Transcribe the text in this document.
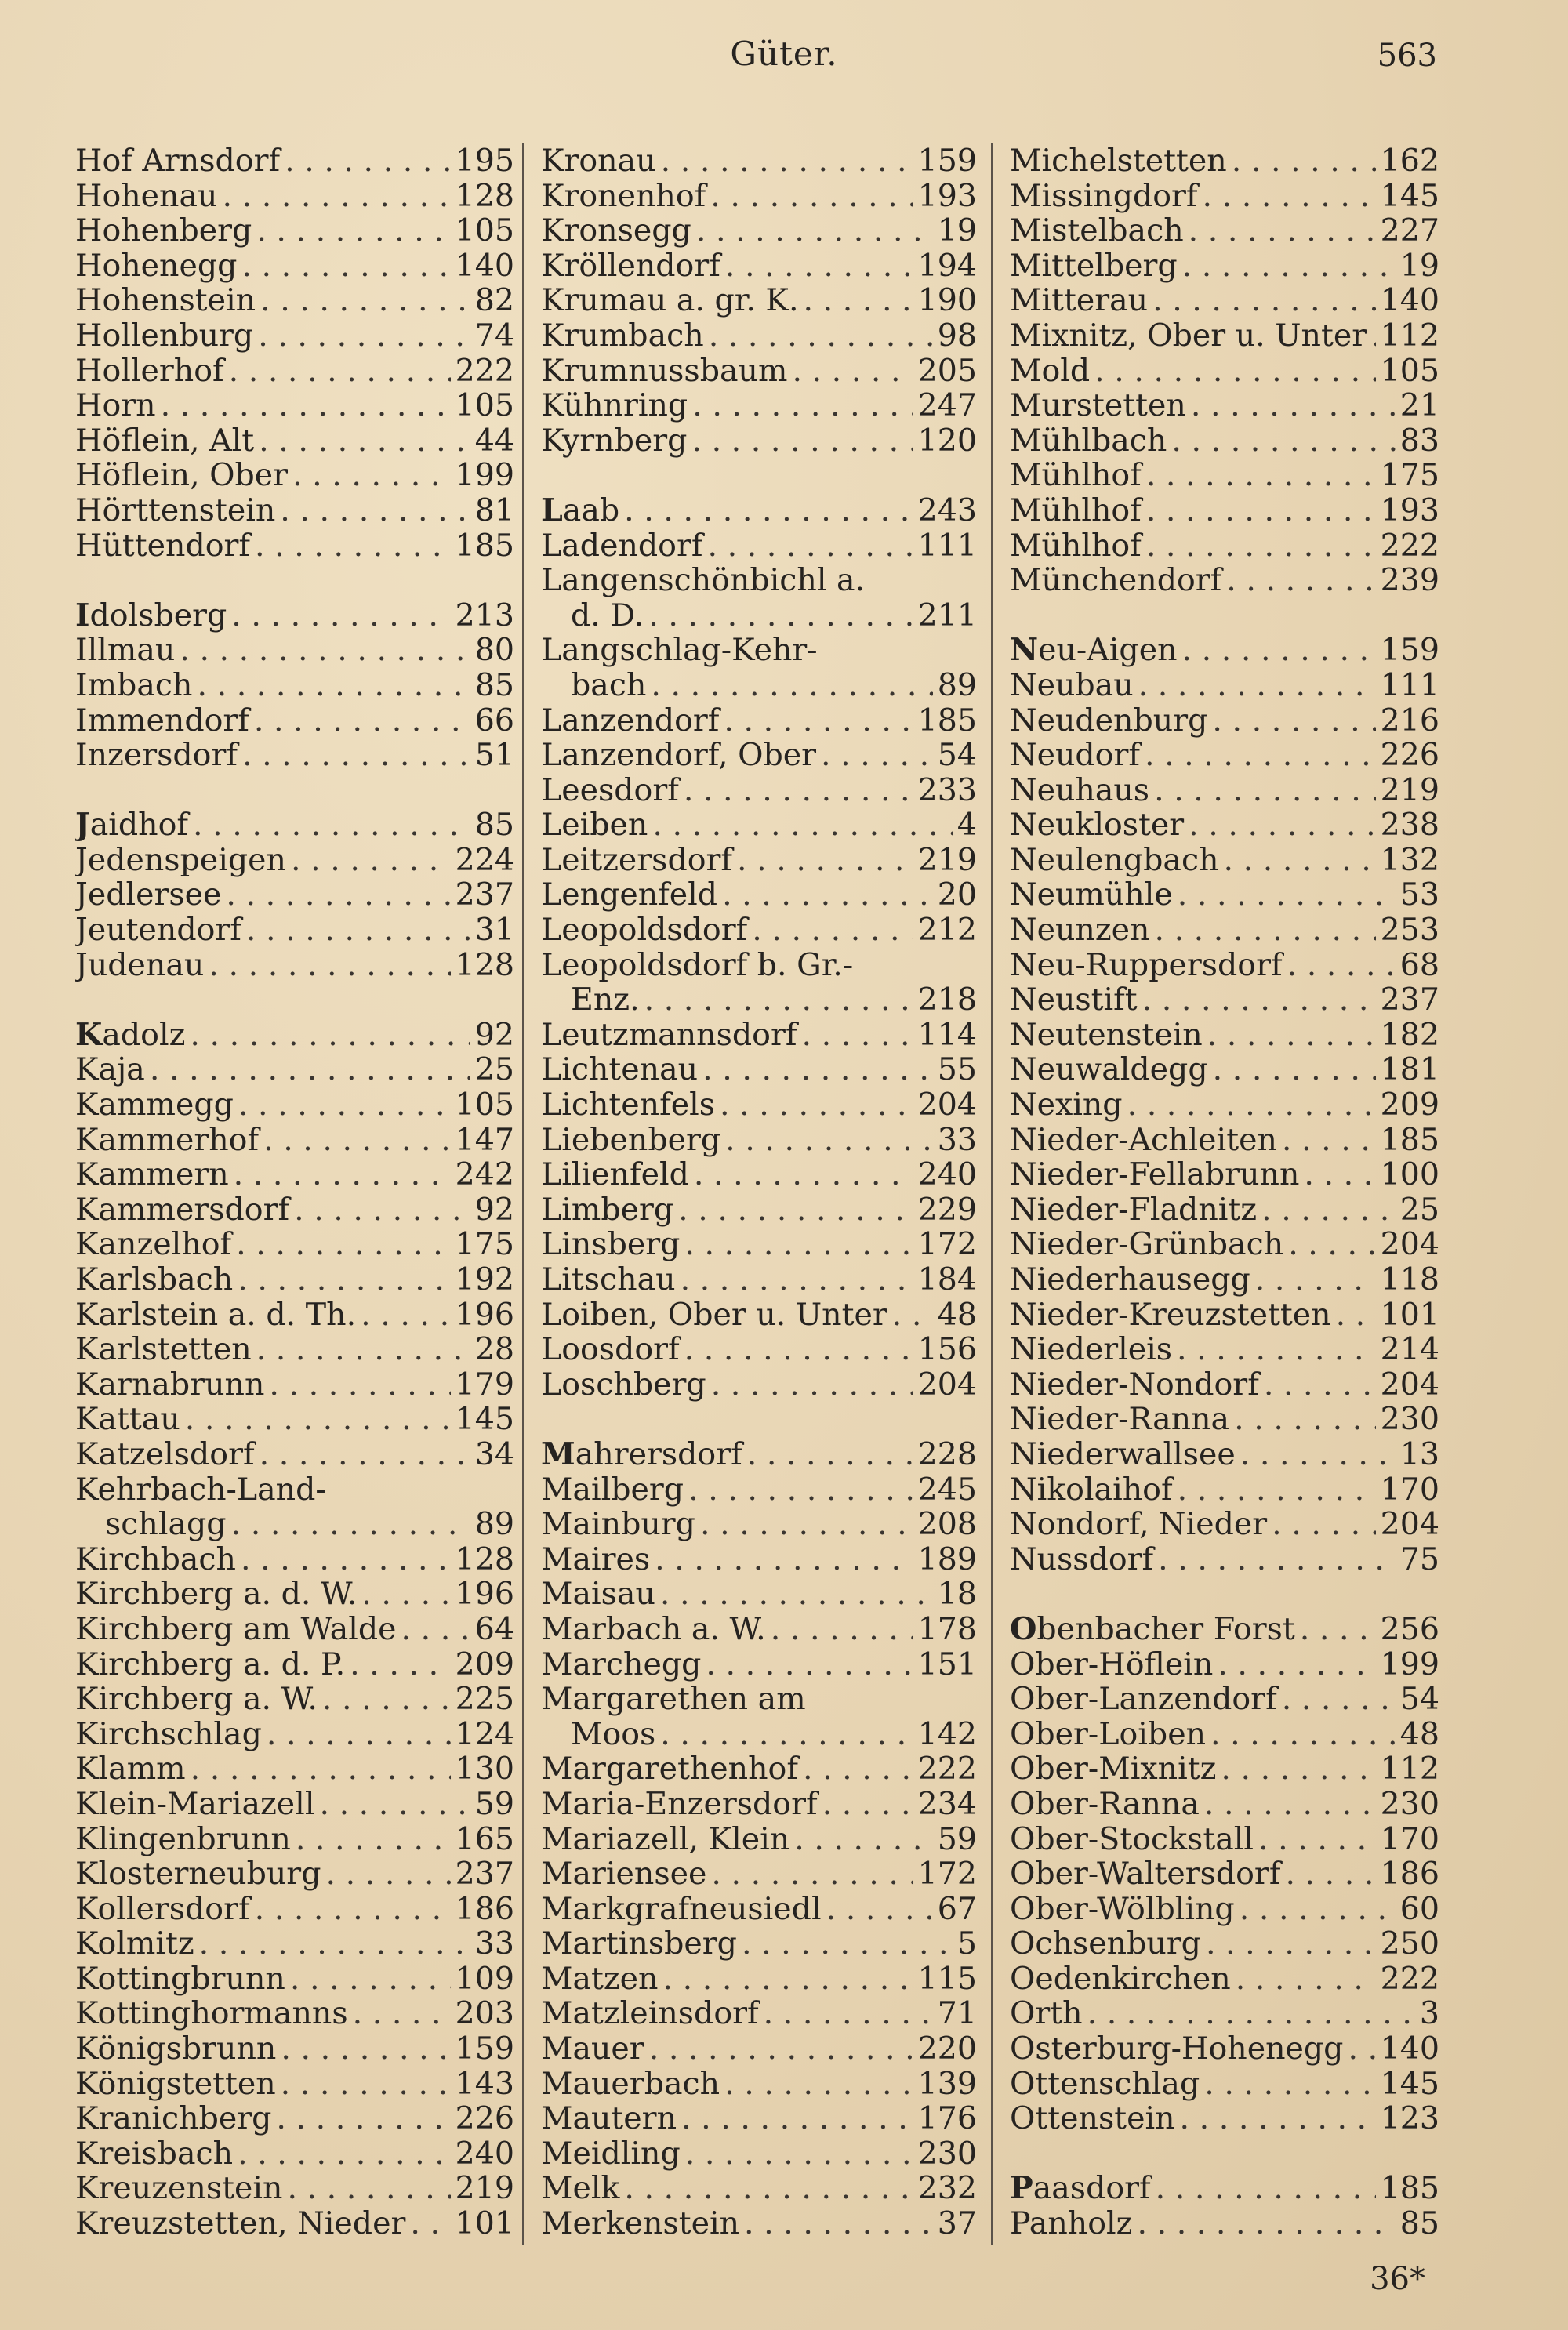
Güter.	563
Hof Arnsdorf . . .	195
Hohenau . . .	128
Hohenberg . . .	105
Hohenegg . . .	140
Hohenstein . . .	82
Hollenburg . . .	74
Hollerhof . . .	222
Horn . . .	105
Höflein, Alt . . .	44
Höflein, Ober . . .	199
Hörttenstein . . .	81
Hüttendorf . . .	185
Idolsberg . . .	213
Illmau . . .	80
Imbach . . .	85
Immendorf . . .	66
Inzersdorf . . .	51
Jaidhof . . .	85
Jedenspeigen . . .	224
Jedlersee . . .	237
Jeutendorf . . .	31
Judenau . . .	128
Kadolz . . .	92
Kaja . . .	25
Kammegg . . .	105
Kammerhof . . .	147
Kammern . . .	242
Kammersdorf . . .	92
Kanzelhof . . .	175
Karlsbach . . .	192
Karlstein a. d. Th. . . .	196
Karlstetten . . .	28
Karnabrunn . . .	179
Kattau . . .	145
Katzelsdorf . . .	34
Kehrbach-Land-
schlagg . . .	89
Kirchbach . . .	128
Kirchberg a. d. W. . . .	196
Kirchberg am Walde . . .	64
Kirchberg a. d. P. . . .	209
Kirchberg a. W. . . .	225
Kirchschlag . . .	124
Klamm . . .	130
Klein-Mariazell . . .	59
Klingenbrunn . . .	165
Klosterneuburg . . .	237
Kollersdorf . . .	186
Kolmitz . . .	33
Kottingbrunn . . .	109
Kottinghormanns . . .	203
Königsbrunn . . .	159
Königstetten . . .	143
Kranichberg . . .	226
Kreisbach . . .	240
Kreuzenstein . . .	219
Kreuzstetten, Nieder . . . 101
Kronau . . .	159
Kronenhof . . .	193
Kronsegg . . .	19
Kröllendorf . . .	194
Krumau a. gr. K. . . .	190
Krumbach . . .	98
Krumnussbaum . . .	205
Kühnring . . .	247
Kyrnberg . . .	120
Laab . . .	243
Ladendorf . . .	111
Langenschönbichl a.
d. D. . . .	211
Langschlag-Kehr-
bach . . .	89
Lanzendorf . . .	185
Lanzendorf, Ober . . .	54
Leesdorf . . .	233
Leiben . . .	4
Leitzersdorf . . .	219
Lengenfeld . . .	20
Leopoldsdorf . . .	212
Leopoldsdorf b. Gr.-
Enz. . . .	218
Leutzmannsdorf . . .	114
Lichtenau . . .	55
Lichtenfels . . .	204
Liebenberg . . .	33
Lilienfeld . . .	240
Limberg . . .	229
Linsberg . . .	172
Litschau . . .	184
Loiben, Ober u. Unter . . . 48
Loosdorf . . .	156
Loschberg . . .	204
Mahrersdorf . . .	228
Mailberg . . .	245
Mainburg . . .	208
Maires . . .	189
Maisau . . .	18
Marbach a. W. . . .	178
Marchegg . . .	151
Margarethen am
Moos . . .	142
Margarethenhof . . .	222
Maria-Enzersdorf . . .	234
Mariazell, Klein . . .	59
Mariensee . . .	172
Markgrafneusiedl . . .	67
Martinsberg . . .	5
Matzen . . .	115
Matzleinsdorf . . .	71
Mauer . . .	220
Mauerbach . . .	139
Mautern . . .	176
Meidling . . .	230
Melk . . .	232
Merkenstein . . .	37
Michelstetten . . .	162
Missingdorf . . .	145
Mistelbach . . .	227
Mittelberg . . .	19
Mitterau . . .	140
Mixnitz, Ober u. Unter . . . 112
Mold . . .	105
Murstetten . . .	21
Mühlbach . . .	83
Mühlhof . . .	175
Mühlhof . . .	193
Mühlhof . . .	222
Münchendorf . . .	239
Neu-Aigen . . .	159
Neubau . . .	111
Neudenburg . . .	216
Neudorf . . .	226
Neuhaus . . .	219
Neukloster . . .	238
Neulengbach . . .	132
Neumühle . . .	53
Neunzen . . .	253
Neu-Ruppersdorf . . .	68
Neustift . . .	237
Neutenstein . . .	182
Neuwaldegg . . .	181
Nexing . . .	209
Nieder-Achleiten . . .	185
Nieder-Fellabrunn . . .	100
Nieder-Fladnitz . . .	25
Nieder-Grünbach . . .	204
Niederhausegg . . .	118
Nieder-Kreuzstetten . . . 101
Niederleis . . .	214
Nieder-Nondorf . . .	204
Nieder-Ranna . . .	230
Niederwallsee . . .	13
Nikolaihof . . .	170
Nondorf, Nieder . . .	204
Nussdorf . . .	75
Obenbacher Forst . . .	256
Ober-Höflein . . .	199
Ober-Lanzendorf . . .	54
Ober-Loiben . . .	48
Ober-Mixnitz . . .	112
Ober-Ranna . . .	230
Ober-Stockstall . . .	170
Ober-Waltersdorf . . .	186
Ober-Wölbling . . .	60
Ochsenburg . . .	250
Oedenkirchen . . .	222
Orth . . .	3
Osterburg-Hohenegg . . . 140
Ottenschlag . . .	145
Ottenstein . . .	123
Paasdorf . . .	185
Panholz . . .	85
36*
